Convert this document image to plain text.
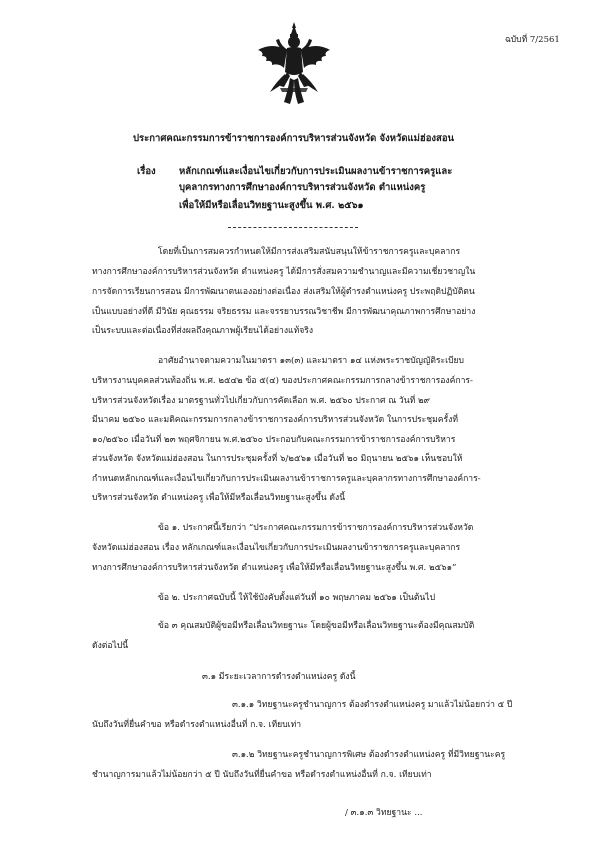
ฉบับที่ 7/2561
ประกาศคณะกรรมการข้าราชการองค์การบริหารส่วนจังหวัด จังหวัดแม่ฮ่องสอน
เรื่อง หลักเกณฑ์และเงื่อนไขเกี่ยวกับการประเมินผลงานข้าราชการครูและ
บุคลากรทางการศึกษาองค์การบริหารส่วนจังหวัด ตำแหน่งครู
เพื่อให้มีหรือเลื่อนวิทยฐานะสูงขึ้น พ.ศ. ๒๕๖๑
โดยที่เป็นการสมควรกำหนดให้มีการส่งเสริมสนับสนุนให้ข้าราชการครูและบุคลากร
ทางการศึกษาองค์การบริหารส่วนจังหวัด ตำแหน่งครู ได้มีการสั่งสมความชำนาญและมีความเชี่ยวชาญใน
การจัดการเรียนการสอน มีการพัฒนาตนเองอย่างต่อเนื่อง ส่งเสริมให้ผู้ดำรงตำแหน่งครู ประพฤติปฏิบัติตน
เป็นแบบอย่างที่ดี มีวินัย คุณธรรม จริยธรรม และจรรยาบรรณวิชาชีพ มีการพัฒนาคุณภาพการศึกษาอย่าง
เป็นระบบและต่อเนื่องที่ส่งผลถึงคุณภาพผู้เรียนได้อย่างแท้จริง
อาศัยอำนาจตามความในมาตรา ๑๓(๓) และมาตรา ๑๔ แห่งพระราชบัญญัติระเบียบ
บริหารงานบุคคลส่วนท้องถิ่น พ.ศ. ๒๕๔๒ ข้อ ๕(๔) ของประกาศคณะกรรมการกลางข้าราชการองค์การ-
บริหารส่วนจังหวัดเรื่อง มาตรฐานทั่วไปเกี่ยวกับการคัดเลือก พ.ศ. ๒๕๖๐ ประกาศ ณ วันที่ ๒๙
มีนาคม ๒๕๖๐ และมติคณะกรรมการกลางข้าราชการองค์การบริหารส่วนจังหวัด ในการประชุมครั้งที่
๑๐/๒๕๖๐ เมื่อวันที่ ๒๓ พฤศจิกายน พ.ศ.๒๕๖๐ ประกอบกับคณะกรรมการข้าราชการองค์การบริหาร
ส่วนจังหวัด จังหวัดแม่ฮ่องสอน ในการประชุมครั้งที่ ๖/๒๕๖๑ เมื่อวันที่ ๒๐ มิถุนายน ๒๕๖๑ เห็นชอบให้
กำหนดหลักเกณฑ์และเงื่อนไขเกี่ยวกับการประเมินผลงานข้าราชการครูและบุคลากรทางการศึกษาองค์การ-
บริหารส่วนจังหวัด ตำแหน่งครู เพื่อให้มีหรือเลื่อนวิทยฐานะสูงขึ้น ดังนี้
ข้อ ๑. ประกาศนี้เรียกว่า “ประกาศคณะกรรมการข้าราชการองค์การบริหารส่วนจังหวัด
จังหวัดแม่ฮ่องสอน เรื่อง หลักเกณฑ์และเงื่อนไขเกี่ยวกับการประเมินผลงานข้าราชการครูและบุคลากร
ทางการศึกษาองค์การบริหารส่วนจังหวัด ตำแหน่งครู เพื่อให้มีหรือเลื่อนวิทยฐานะสูงขึ้น พ.ศ. ๒๕๖๑”
ข้อ ๒. ประกาศฉบับนี้ ให้ใช้บังคับตั้งแต่วันที่ ๑๐ พฤษภาคม ๒๕๖๑ เป็นต้นไป
ข้อ ๓ คุณสมบัติผู้ขอมีหรือเลื่อนวิทยฐานะ โดยผู้ขอมีหรือเลื่อนวิทยฐานะต้องมีคุณสมบัติ
ดังต่อไปนี้
๓.๑ มีระยะเวลาการดำรงตำแหน่งครู ดังนี้
๓.๑.๑ วิทยฐานะครูชำนาญการ ต้องดำรงตำแหน่งครู มาแล้วไม่น้อยกว่า ๕ ปี
นับถึงวันที่ยื่นคำขอ หรือดำรงตำแหน่งอื่นที่ ก.จ. เทียบเท่า
๓.๑.๒ วิทยฐานะครูชำนาญการพิเศษ ต้องดำรงตำแหน่งครู ที่มีวิทยฐานะครู
ชำนาญการมาแล้วไม่น้อยกว่า ๕ ปี นับถึงวันที่ยื่นคำขอ หรือดำรงตำแหน่งอื่นที่ ก.จ. เทียบเท่า
/ ๓.๑.๓ วิทยฐานะ ...
